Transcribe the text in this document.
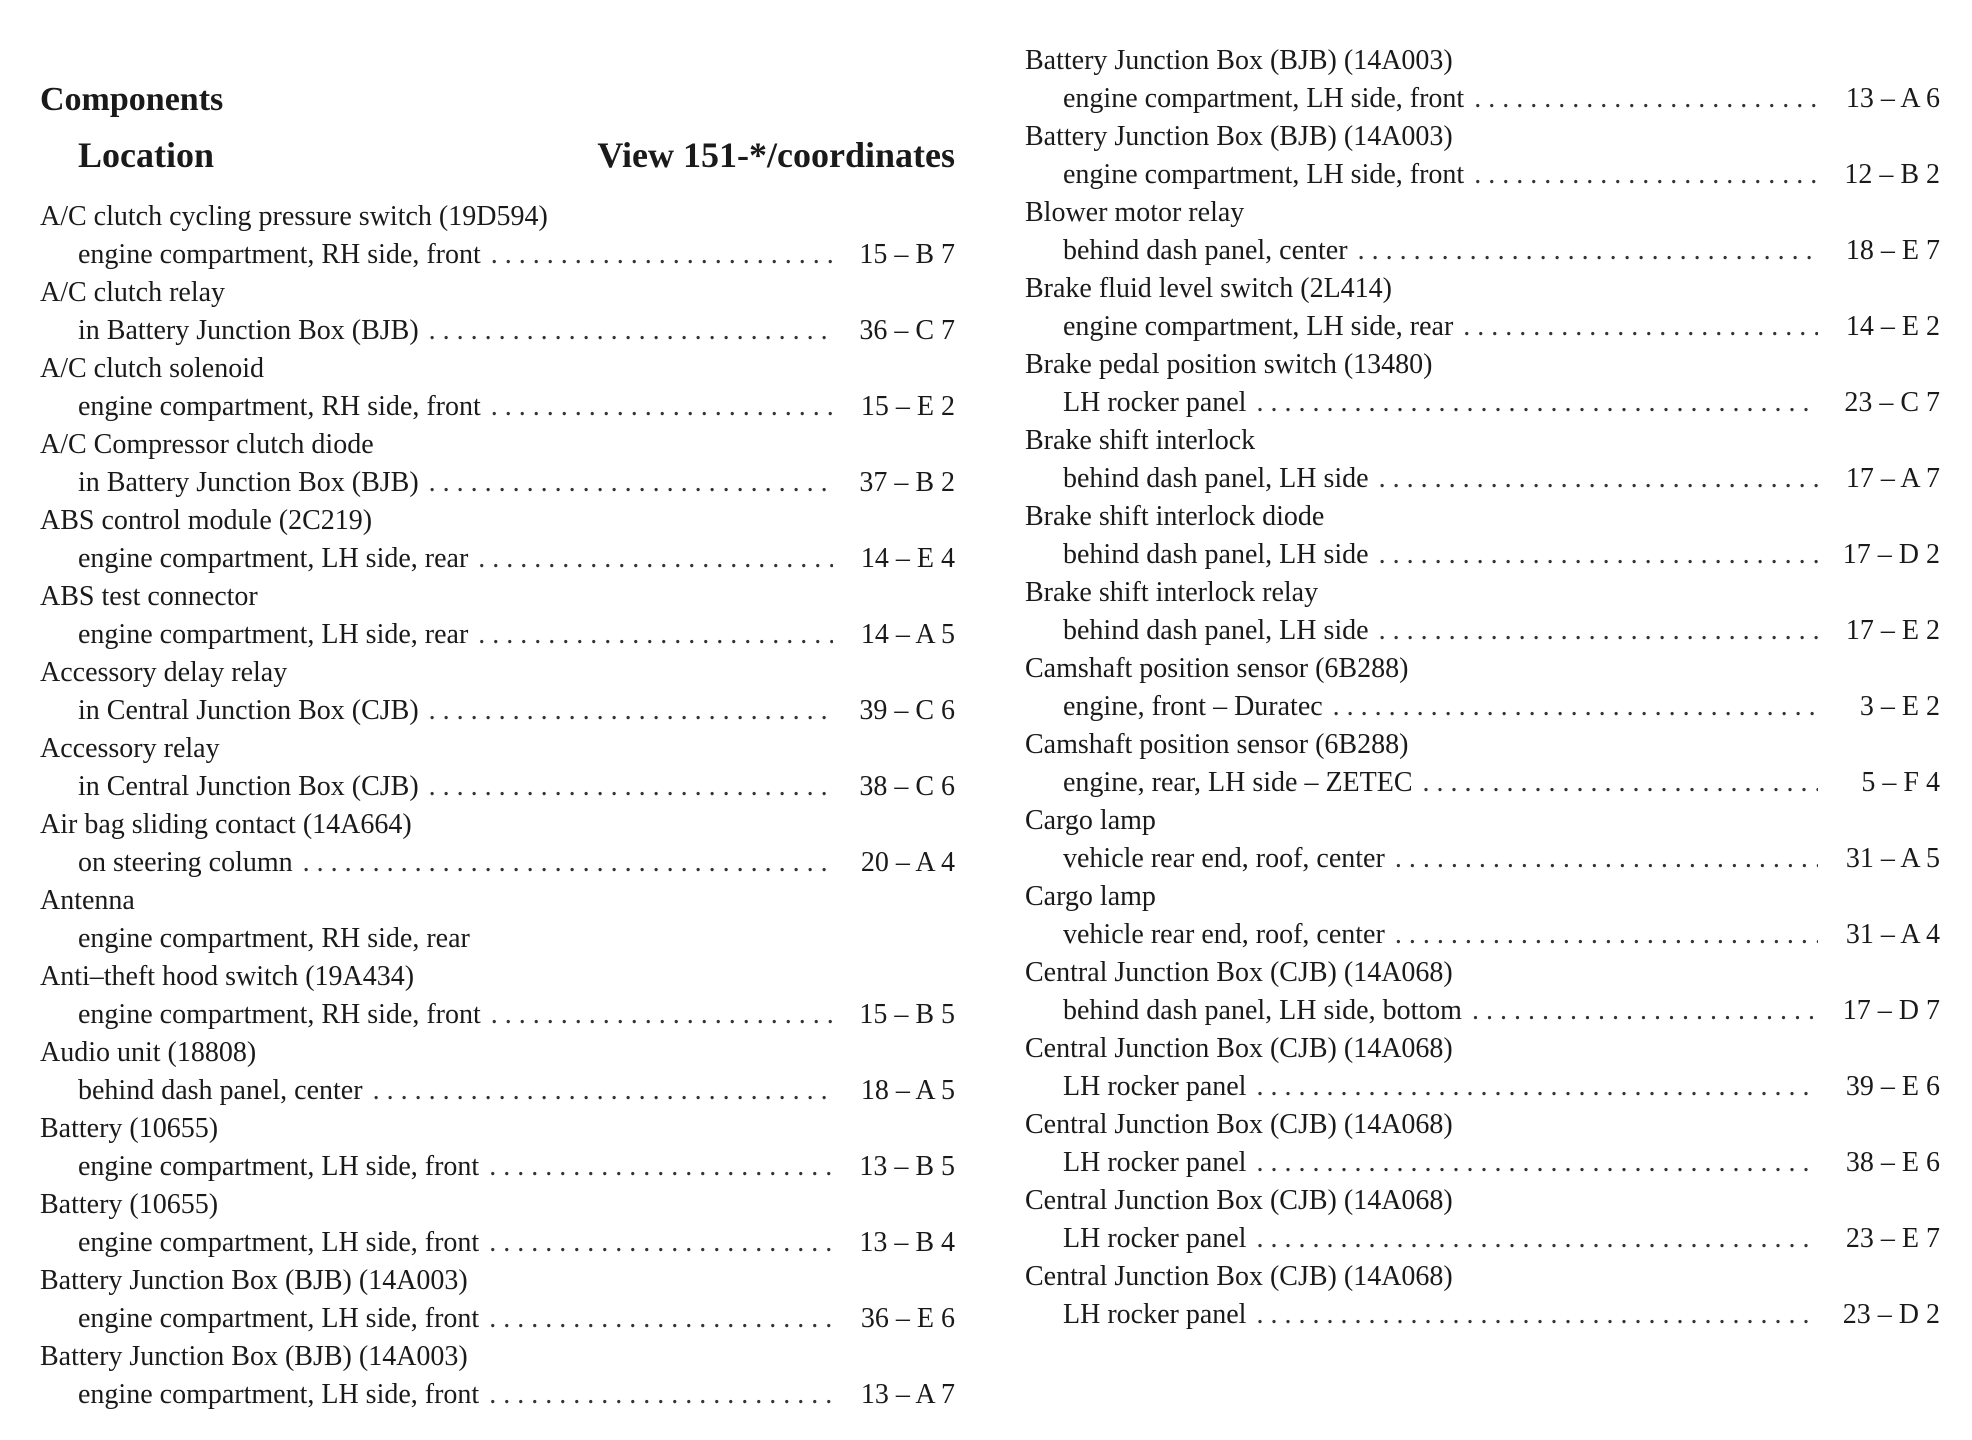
Components
Location	View 151-*/coordinates
A/C clutch cycling pressure switch (19D594)
engine compartment, RH side, front . . .	15 – B 7
A/C clutch relay
in Battery Junction Box (BJB) . . .	36 – C 7
A/C clutch solenoid
engine compartment, RH side, front . . .	15 – E 2
A/C Compressor clutch diode
in Battery Junction Box (BJB) . . .	37 – B 2
ABS control module (2C219)
engine compartment, LH side, rear . . .	14 – E 4
ABS test connector
engine compartment, LH side, rear . . .	14 – A 5
Accessory delay relay
in Central Junction Box (CJB) . . .	39 – C 6
Accessory relay
in Central Junction Box (CJB) . . .	38 – C 6
Air bag sliding contact (14A664)
on steering column . . .	20 – A 4
Antenna
engine compartment, RH side, rear
Anti–theft hood switch (19A434)
engine compartment, RH side, front . . .	15 – B 5
Audio unit (18808)
behind dash panel, center . . .	18 – A 5
Battery (10655)
engine compartment, LH side, front . . .	13 – B 5
Battery (10655)
engine compartment, LH side, front . . .	13 – B 4
Battery Junction Box (BJB) (14A003)
engine compartment, LH side, front . . .	36 – E 6
Battery Junction Box (BJB) (14A003)
engine compartment, LH side, front . . .	13 – A 7
Battery Junction Box (BJB) (14A003)
engine compartment, LH side, front . . .	13 – A 6
Battery Junction Box (BJB) (14A003)
engine compartment, LH side, front . . .	12 – B 2
Blower motor relay
behind dash panel, center . . .	18 – E 7
Brake fluid level switch (2L414)
engine compartment, LH side, rear . . .	14 – E 2
Brake pedal position switch (13480)
LH rocker panel . . .	23 – C 7
Brake shift interlock
behind dash panel, LH side . . .	17 – A 7
Brake shift interlock diode
behind dash panel, LH side . . .	17 – D 2
Brake shift interlock relay
behind dash panel, LH side . . .	17 – E 2
Camshaft position sensor (6B288)
engine, front – Duratec . . .	3 – E 2
Camshaft position sensor (6B288)
engine, rear, LH side – ZETEC . . .	5 – F 4
Cargo lamp
vehicle rear end, roof, center . . .	31 – A 5
Cargo lamp
vehicle rear end, roof, center . . .	31 – A 4
Central Junction Box (CJB) (14A068)
behind dash panel, LH side, bottom . . .	17 – D 7
Central Junction Box (CJB) (14A068)
LH rocker panel . . .	39 – E 6
Central Junction Box (CJB) (14A068)
LH rocker panel . . .	38 – E 6
Central Junction Box (CJB) (14A068)
LH rocker panel . . .	23 – E 7
Central Junction Box (CJB) (14A068)
LH rocker panel . . .	23 – D 2
